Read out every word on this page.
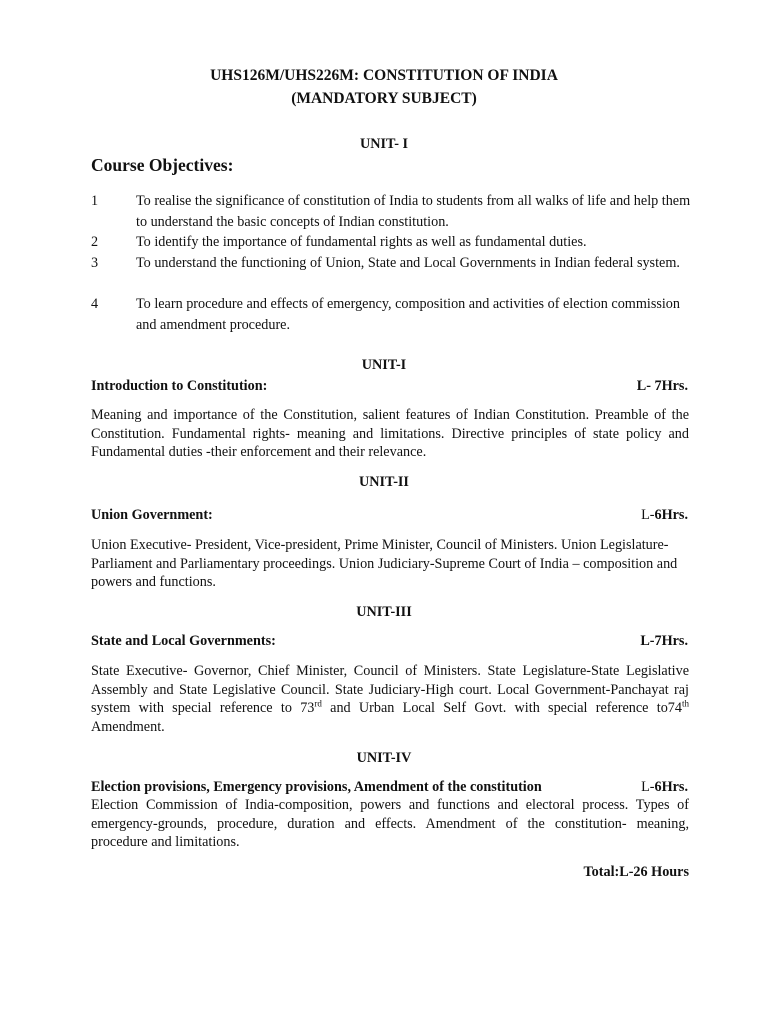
UHS126M/UHS226M: CONSTITUTION OF INDIA
(MANDATORY SUBJECT)
UNIT- I
Course Objectives:
1	To realise the significance of constitution of India to students from all walks of life and help them to understand the basic concepts of Indian constitution.
2	To identify the importance of fundamental rights as well as fundamental duties.
3	To understand the functioning of Union, State and Local Governments in Indian federal system.
4	To learn procedure and effects of emergency, composition and activities of election commission and amendment procedure.
UNIT-I
Introduction to Constitution:	L- 7Hrs.
Meaning and importance of the Constitution, salient features of Indian Constitution. Preamble of the Constitution. Fundamental rights- meaning and limitations. Directive principles of state policy and Fundamental duties -their enforcement and their relevance.
UNIT-II
Union Government:	L-6Hrs.
Union Executive- President, Vice-president, Prime Minister, Council of Ministers. Union Legislature- Parliament and Parliamentary proceedings. Union Judiciary-Supreme Court of India – composition and powers and functions.
UNIT-III
State and Local Governments:	L-7Hrs.
State Executive- Governor, Chief Minister, Council of Ministers. State Legislature-State Legislative Assembly and State Legislative Council. State Judiciary-High court. Local Government-Panchayat raj system with special reference to 73rd and Urban Local Self Govt. with special reference to74th Amendment.
UNIT-IV
Election provisions, Emergency provisions, Amendment of the constitution	L-6Hrs.
Election Commission of India-composition, powers and functions and electoral process. Types of emergency-grounds, procedure, duration and effects. Amendment of the constitution- meaning, procedure and limitations.
Total:L-26 Hours
